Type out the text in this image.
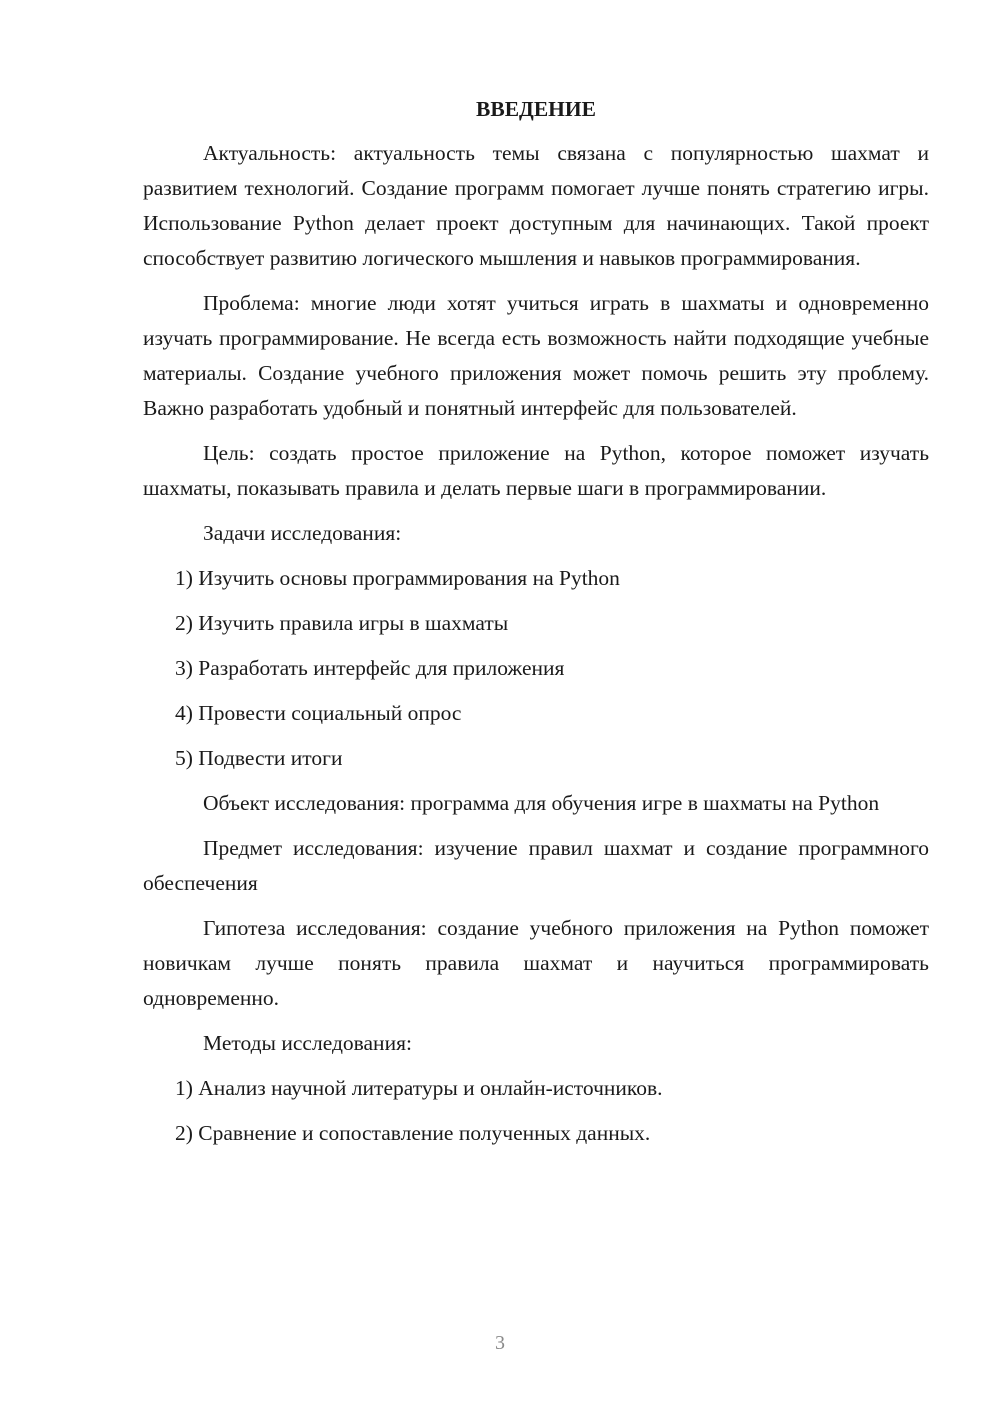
ВВЕДЕНИЕ
Актуальность: актуальность темы связана с популярностью шахмат и развитием технологий. Создание программ помогает лучше понять стратегию игры. Использование Python делает проект доступным для начинающих. Такой проект способствует развитию логического мышления и навыков программирования.
Проблема: многие люди хотят учиться играть в шахматы и одновременно изучать программирование. Не всегда есть возможность найти подходящие учебные материалы. Создание учебного приложения может помочь решить эту проблему. Важно разработать удобный и понятный интерфейс для пользователей.
Цель: создать простое приложение на Python, которое поможет изучать шахматы, показывать правила и делать первые шаги в программировании.
Задачи исследования:
1) Изучить основы программирования на Python
2) Изучить правила игры в шахматы
3) Разработать интерфейс для приложения
4) Провести социальный опрос
5) Подвести итоги
Объект исследования: программа для обучения игре в шахматы на Python
Предмет исследования: изучение правил шахмат и создание программного обеспечения
Гипотеза исследования: создание учебного приложения на Python поможет новичкам лучше понять правила шахмат и научиться программировать одновременно.
Методы исследования:
1) Анализ научной литературы и онлайн-источников.
2) Сравнение и сопоставление полученных данных.
3
